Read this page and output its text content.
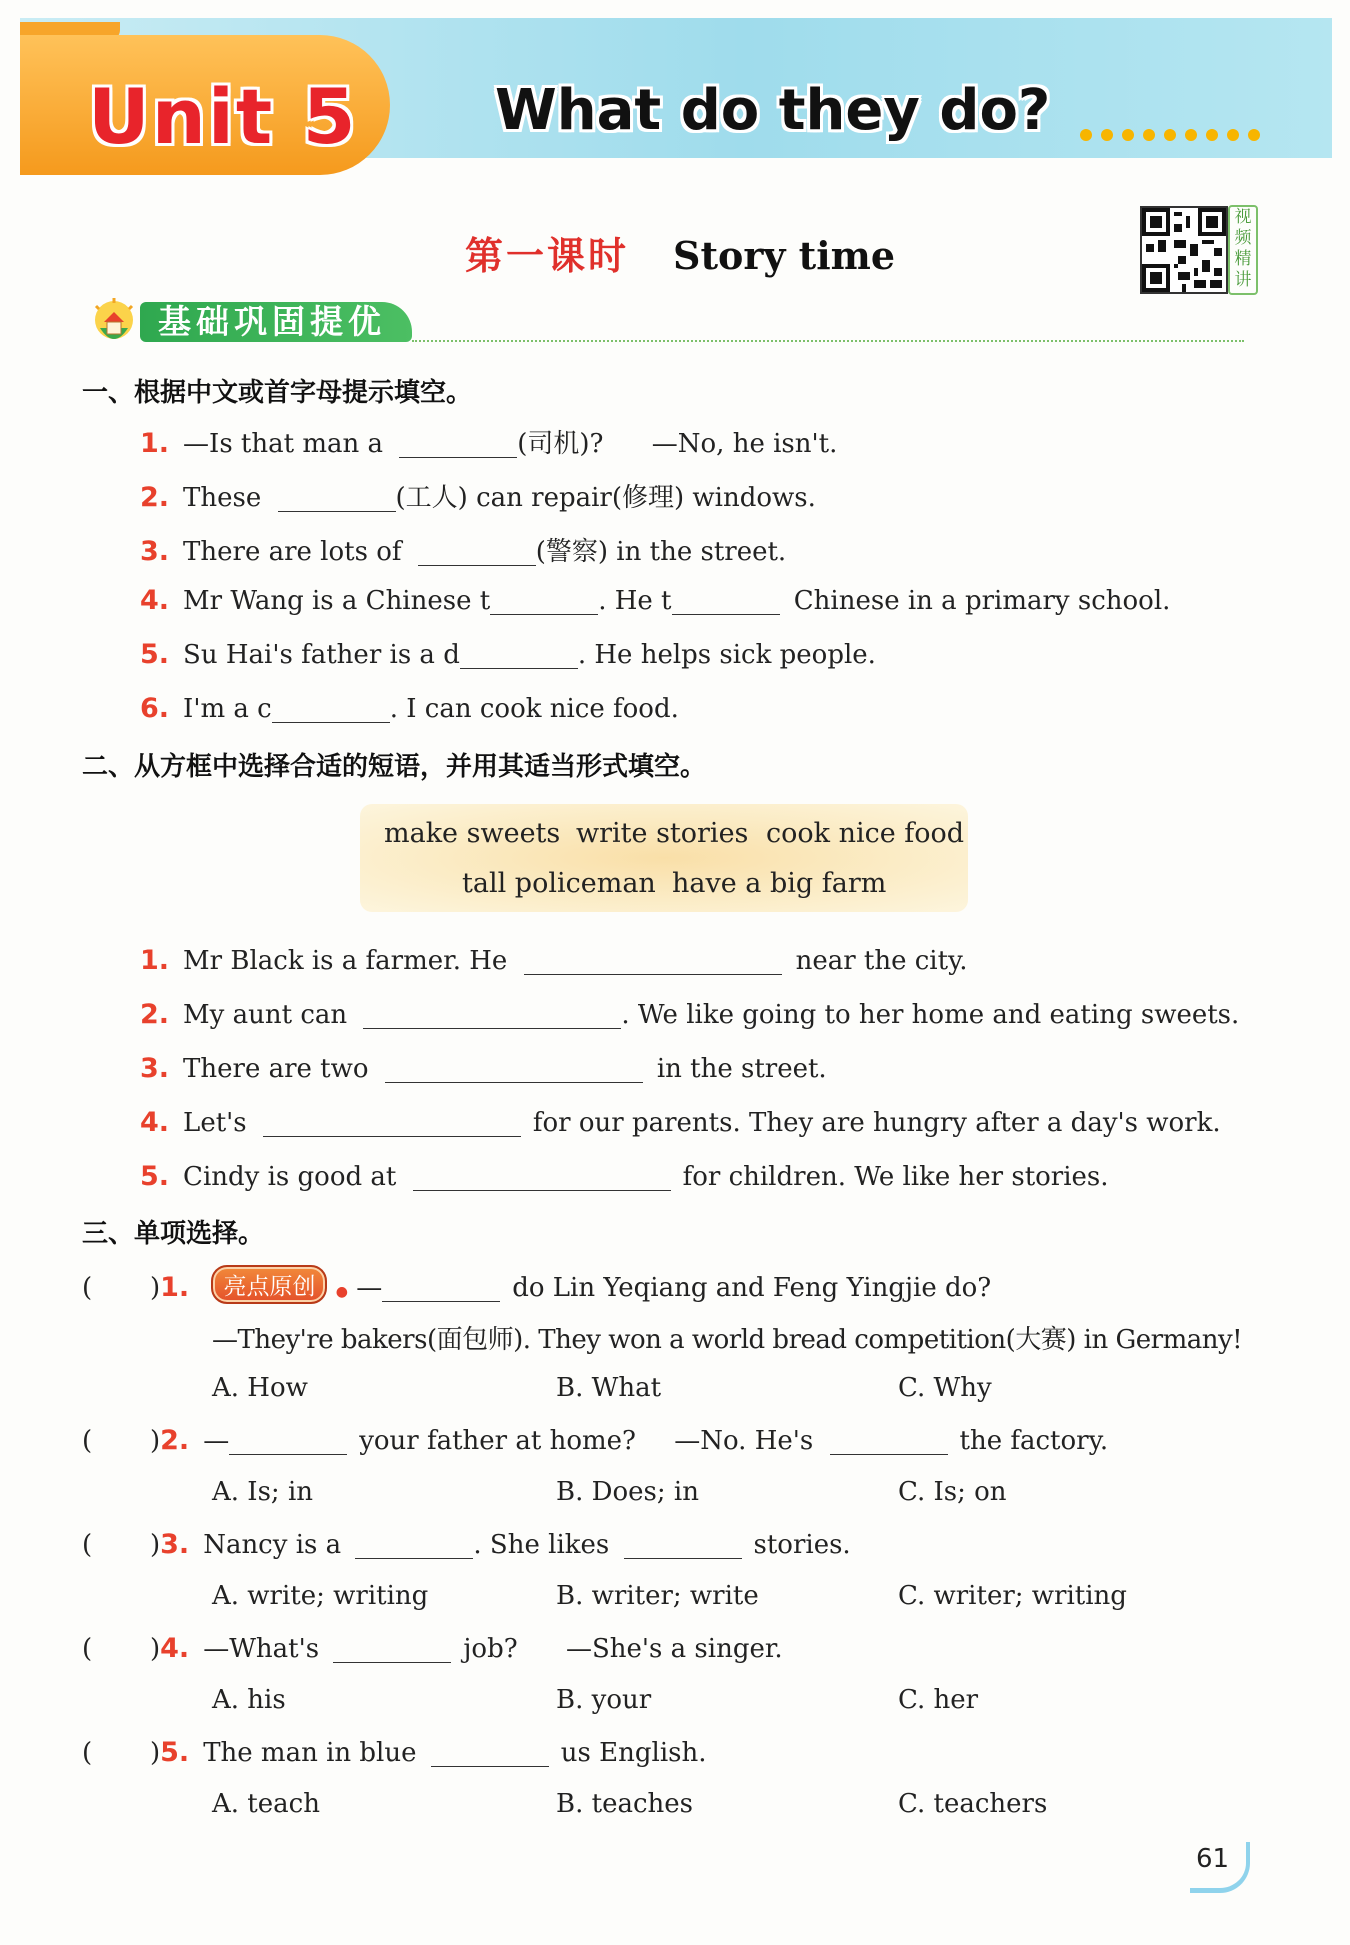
Unit 5 What do they do?
第一课时 Story time
视
频
精
讲
基础巩固提优
一、根据中文或首字母提示填空。
1. —Is that man a	(司机)? —No, he isn't.
2. These	(工人) can repair(修理) windows.
3. There are lots of	(警察) in the street.
4. Mr Wang is a Chinese t	. He t	Chinese in a primary school.
5. Su Hai's father is a d	. He helps sick people.
6. I'm a c	. I can cook nice food.
二、从方框中选择合适的短语，并用其适当形式填空。
make sweets write stories cook nice food
tall policeman have a big farm
1. Mr Black is a farmer. He	near the city.
2. My aunt can	. We like going to her home and eating sweets.
3. There are two	in the street.
4. Let's	for our parents. They are hungry after a day's work.
5. Cindy is good at	for children. We like her stories.
三、单项选择。
(       )1. 亮点原创 ● —	do Lin Yeqiang and Feng Yingjie do?
—They're bakers(面包师). They won a world bread competition(大赛) in Germany!
A. How	B. What	C. Why
(       )2. —	your father at home? —No. He's	the factory.
A. Is; in	B. Does; in	C. Is; on
(       )3. Nancy is a	. She likes	stories.
A. write; writing	B. writer; write	C. writer; writing
(       )4. —What's	job? —She's a singer.
A. his	B. your	C. her
(       )5. The man in blue	us English.
A. teach	B. teaches	C. teachers
61
